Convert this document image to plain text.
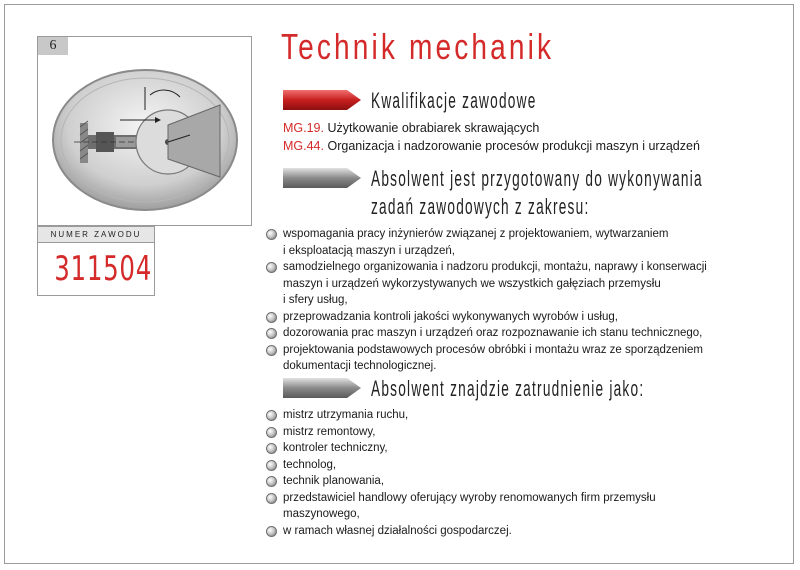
6
NUMER ZAWODU
311504
Technik mechanik
Kwalifikacje zawodowe
MG.19. Użytkowanie obrabiarek skrawających
MG.44. Organizacja i nadzorowanie procesów produkcji maszyn i urządzeń
Absolwent jest przygotowany do wykonywania
zadań zawodowych z zakresu:
wspomagania pracy inżynierów związanej z projektowaniem, wytwarzaniem
i eksploatacją maszyn i urządzeń,
samodzielnego organizowania i nadzoru produkcji, montażu, naprawy i konserwacji
maszyn i urządzeń wykorzystywanych we wszystkich gałęziach przemysłu
i sfery usług,
przeprowadzania kontroli jakości wykonywanych wyrobów i usług,
dozorowania prac maszyn i urządzeń oraz rozpoznawanie ich stanu technicznego,
projektowania podstawowych procesów obróbki i montażu wraz ze sporządzeniem
dokumentacji technologicznej.
Absolwent znajdzie zatrudnienie jako:
mistrz utrzymania ruchu,
mistrz remontowy,
kontroler techniczny,
technolog,
technik planowania,
przedstawiciel handlowy oferujący wyroby renomowanych firm przemysłu
maszynowego,
w ramach własnej działalności gospodarczej.
